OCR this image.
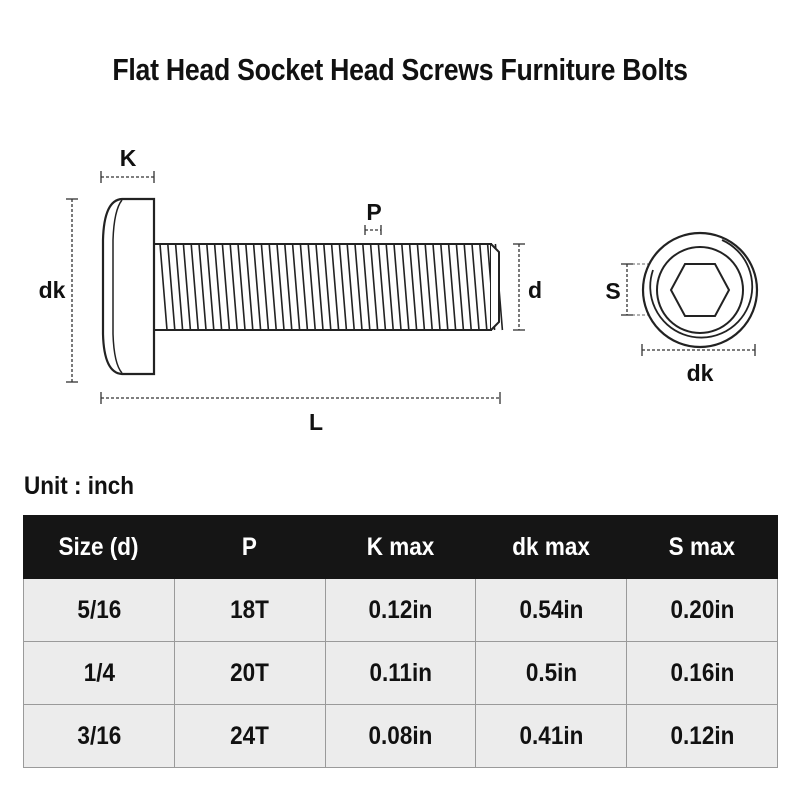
Flat Head Socket Head Screws Furniture Bolts
K
P
dk	d
L
S
dk
Unit : inch
Size (d)	P	K max	dk max	S max
5/16	18T	0.12in	0.54in	0.20in
1/4	20T	0.11in	0.5in	0.16in
3/16	24T	0.08in	0.41in	0.12in
